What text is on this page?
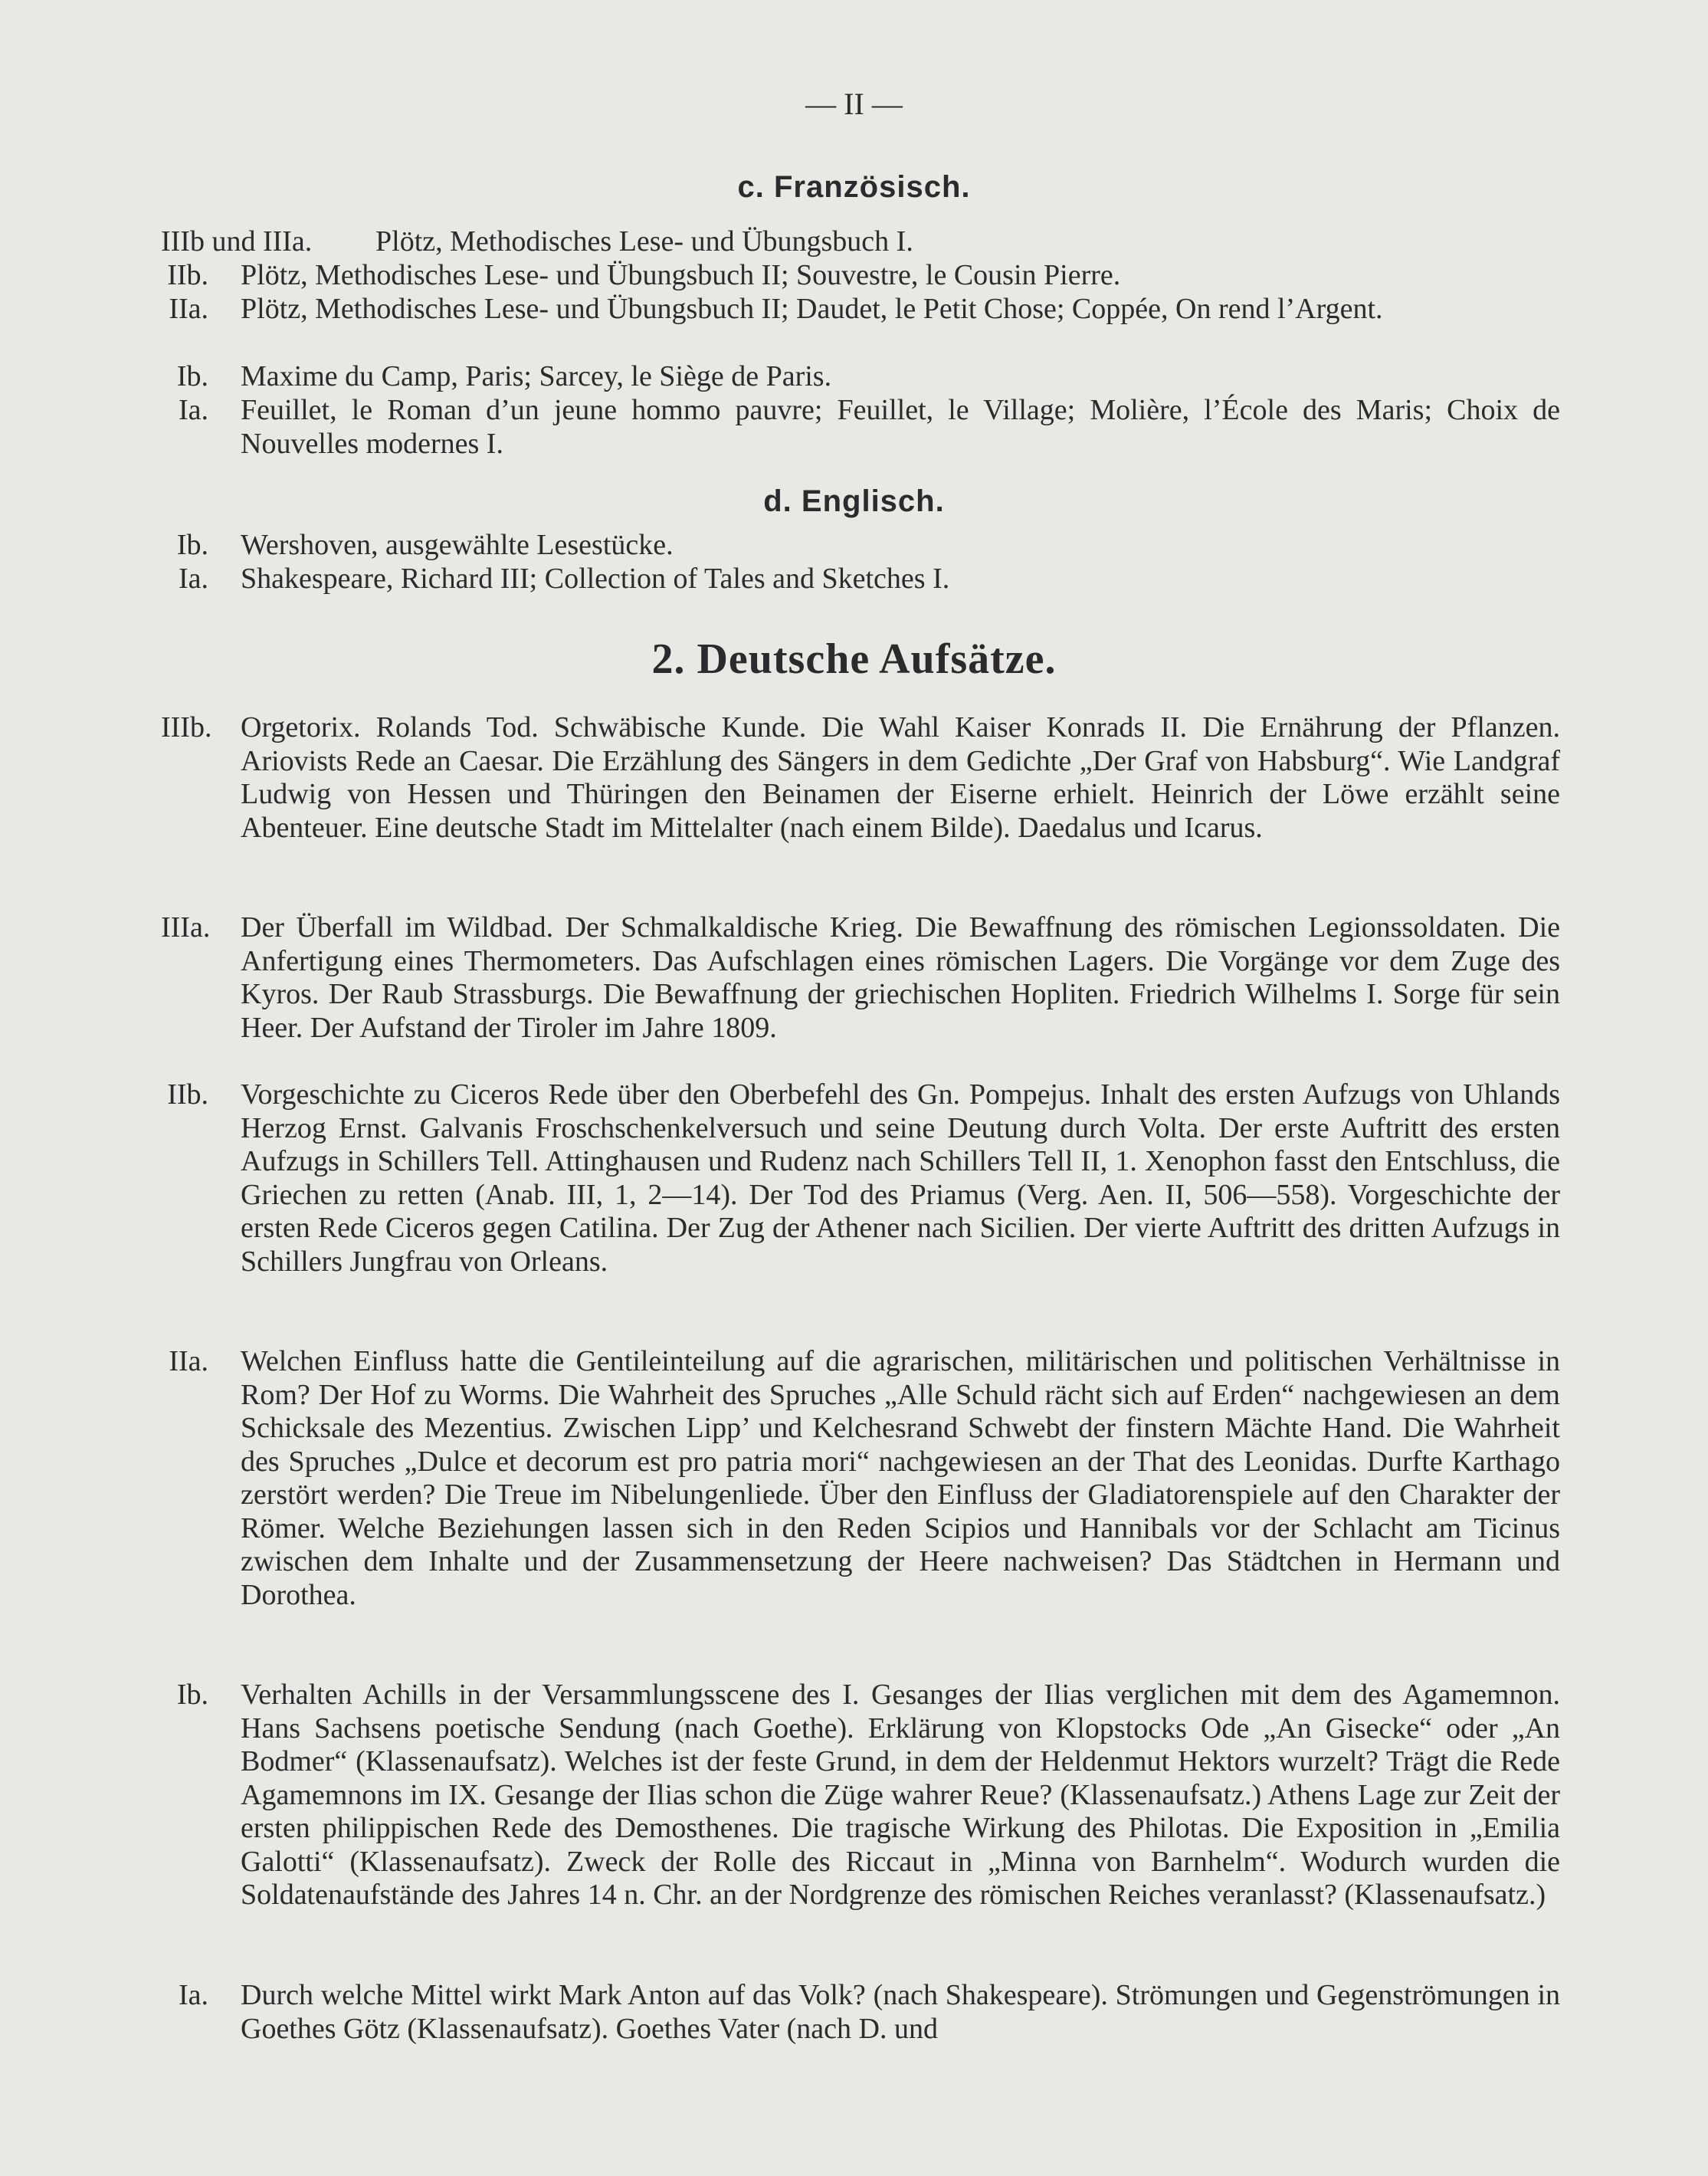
— II —
c. Französisch.
IIIb und IIIa.	Plötz, Methodisches Lese- und Übungsbuch I.
IIb. Plötz, Methodisches Lese- und Übungsbuch II; Souvestre, le Cousin Pierre.
IIa. Plötz, Methodisches Lese- und Übungsbuch II; Daudet, le Petit Chose; Coppée, On rend l’Argent.
Ib. Maxime du Camp, Paris; Sarcey, le Siège de Paris.
Ia. Feuillet, le Roman d’un jeune hommo pauvre; Feuillet, le Village; Molière, l’École des Maris; Choix de Nouvelles modernes I.
d. Englisch.
Ib. Wershoven, ausgewählte Lesestücke.
Ia. Shakespeare, Richard III; Collection of Tales and Sketches I.
2. Deutsche Aufsätze.
IIIb. Orgetorix. Rolands Tod. Schwäbische Kunde. Die Wahl Kaiser Konrads II. Die Ernährung der Pflanzen. Ariovists Rede an Caesar. Die Erzählung des Sängers in dem Gedichte „Der Graf von Habsburg“. Wie Landgraf Ludwig von Hessen und Thüringen den Beinamen der Eiserne erhielt. Heinrich der Löwe erzählt seine Abenteuer. Eine deutsche Stadt im Mittelalter (nach einem Bilde). Daedalus und Icarus.
IIIa. Der Überfall im Wildbad. Der Schmalkaldische Krieg. Die Bewaffnung des römischen Legionssoldaten. Die Anfertigung eines Thermometers. Das Aufschlagen eines römischen Lagers. Die Vorgänge vor dem Zuge des Kyros. Der Raub Strassburgs. Die Bewaffnung der griechischen Hopliten. Friedrich Wilhelms I. Sorge für sein Heer. Der Aufstand der Tiroler im Jahre 1809.
IIb. Vorgeschichte zu Ciceros Rede über den Oberbefehl des Gn. Pompejus. Inhalt des ersten Aufzugs von Uhlands Herzog Ernst. Galvanis Froschschenkelversuch und seine Deutung durch Volta. Der erste Auftritt des ersten Aufzugs in Schillers Tell. Attinghausen und Rudenz nach Schillers Tell II, 1. Xenophon fasst den Entschluss, die Griechen zu retten (Anab. III, 1, 2—14). Der Tod des Priamus (Verg. Aen. II, 506—558). Vorgeschichte der ersten Rede Ciceros gegen Catilina. Der Zug der Athener nach Sicilien. Der vierte Auftritt des dritten Aufzugs in Schillers Jungfrau von Orleans.
IIa. Welchen Einfluss hatte die Gentileinteilung auf die agrarischen, militärischen und politischen Verhältnisse in Rom? Der Hof zu Worms. Die Wahrheit des Spruches „Alle Schuld rächt sich auf Erden“ nachgewiesen an dem Schicksale des Mezentius. Zwischen Lipp’ und Kelchesrand Schwebt der finstern Mächte Hand. Die Wahrheit des Spruches „Dulce et decorum est pro patria mori“ nachgewiesen an der That des Leonidas. Durfte Karthago zerstört werden? Die Treue im Nibelungenliede. Über den Einfluss der Gladiatorenspiele auf den Charakter der Römer. Welche Beziehungen lassen sich in den Reden Scipios und Hannibals vor der Schlacht am Ticinus zwischen dem Inhalte und der Zusammensetzung der Heere nachweisen? Das Städtchen in Hermann und Dorothea.
Ib. Verhalten Achills in der Versammlungsscene des I. Gesanges der Ilias verglichen mit dem des Agamemnon. Hans Sachsens poetische Sendung (nach Goethe). Erklärung von Klopstocks Ode „An Gisecke“ oder „An Bodmer“ (Klassenaufsatz). Welches ist der feste Grund, in dem der Heldenmut Hektors wurzelt? Trägt die Rede Agamemnons im IX. Gesange der Ilias schon die Züge wahrer Reue? (Klassenaufsatz.) Athens Lage zur Zeit der ersten philippischen Rede des Demosthenes. Die tragische Wirkung des Philotas. Die Exposition in „Emilia Galotti“ (Klassenaufsatz). Zweck der Rolle des Riccaut in „Minna von Barnhelm“. Wodurch wurden die Soldatenaufstände des Jahres 14 n. Chr. an der Nordgrenze des römischen Reiches veranlasst? (Klassenaufsatz.)
Ia. Durch welche Mittel wirkt Mark Anton auf das Volk? (nach Shakespeare). Strömungen und Gegenströmungen in Goethes Götz (Klassenaufsatz). Goethes Vater (nach D. und
